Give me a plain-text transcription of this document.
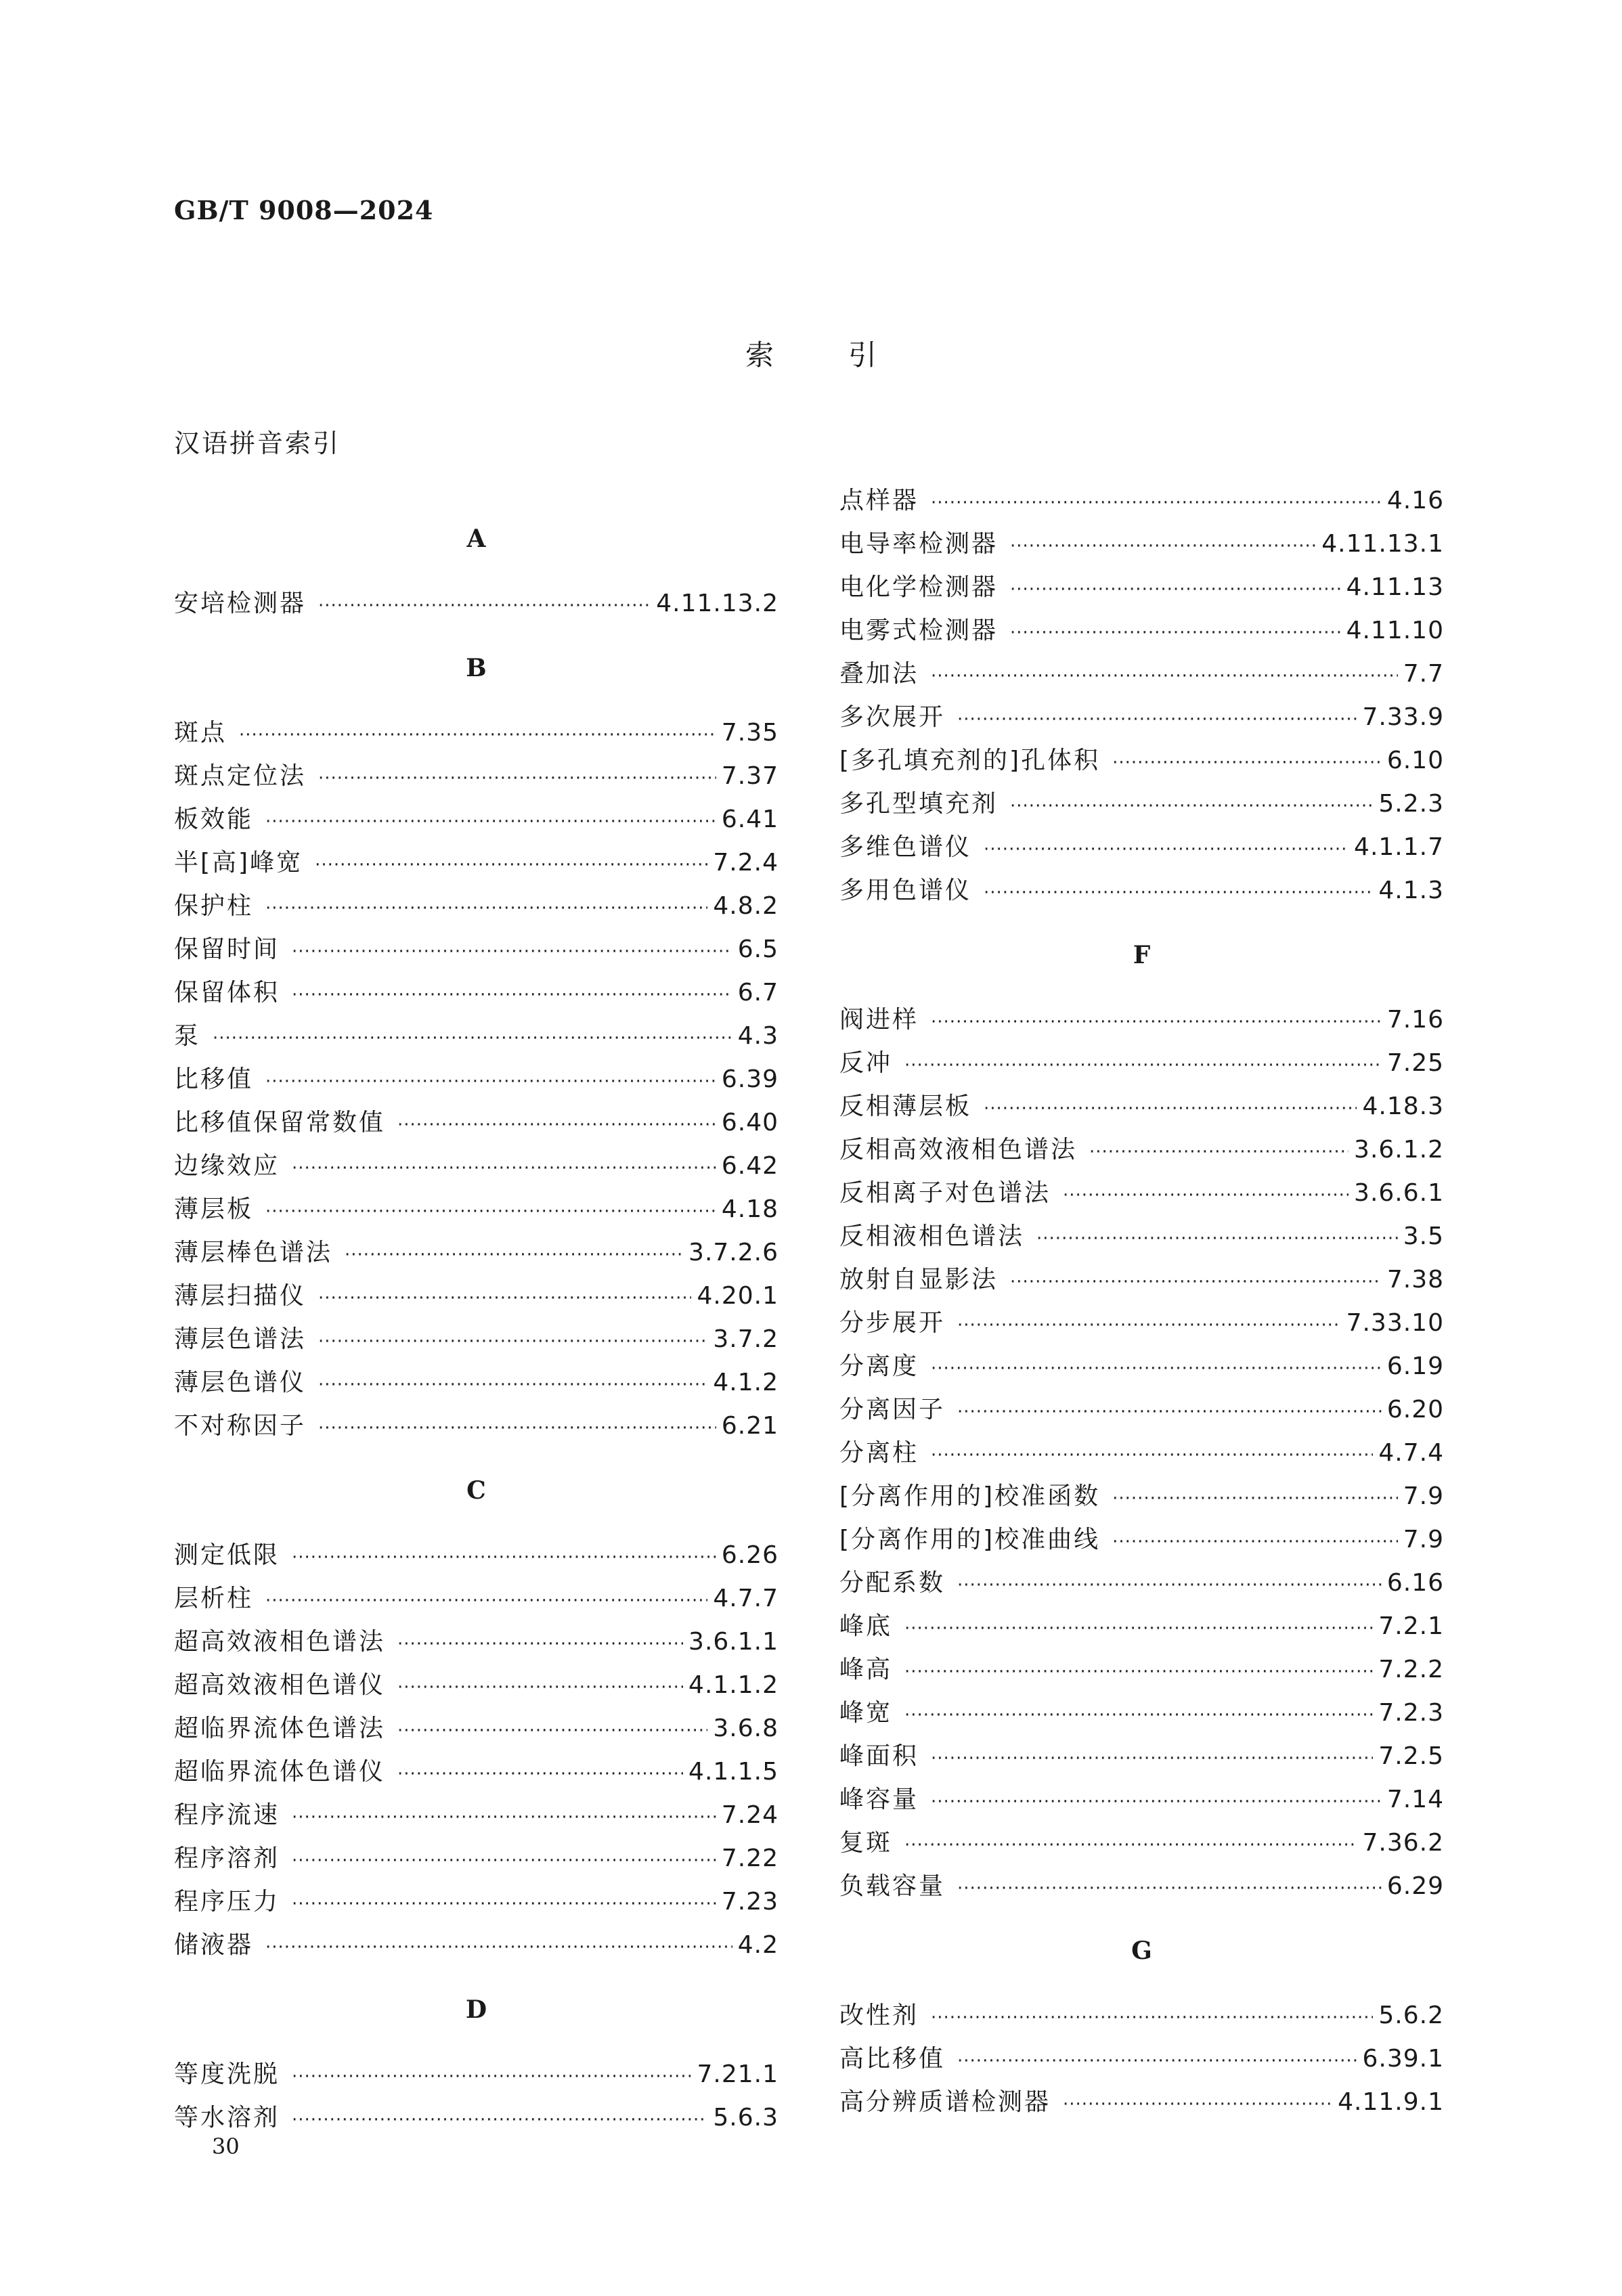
GB/T 9008—2024
索引
汉语拼音索引
A
安培检测器 ·····	4.11.13.2
B
斑点 ·····	7.35
斑点定位法 ·····	7.37
板效能 ·····	6.41
半[高]峰宽 ·····	7.2.4
保护柱 ·····	4.8.2
保留时间 ·····	6.5
保留体积 ·····	6.7
泵 ·····	4.3
比移值 ·····	6.39
比移值保留常数值 ·····	6.40
边缘效应 ·····	6.42
薄层板 ·····	4.18
薄层棒色谱法 ·····	3.7.2.6
薄层扫描仪 ·····	4.20.1
薄层色谱法 ·····	3.7.2
薄层色谱仪 ·····	4.1.2
不对称因子 ·····	6.21
C
测定低限 ·····	6.26
层析柱 ·····	4.7.7
超高效液相色谱法 ·····	3.6.1.1
超高效液相色谱仪 ·····	4.1.1.2
超临界流体色谱法 ·····	3.6.8
超临界流体色谱仪 ·····	4.1.1.5
程序流速 ·····	7.24
程序溶剂 ·····	7.22
程序压力 ·····	7.23
储液器 ·····	4.2
D
等度洗脱 ·····	7.21.1
等水溶剂 ·····	5.6.3
点样器 ·····	4.16
电导率检测器 ·····	4.11.13.1
电化学检测器 ·····	4.11.13
电雾式检测器 ·····	4.11.10
叠加法 ·····	7.7
多次展开 ·····	7.33.9
[多孔填充剂的]孔体积 ·····	6.10
多孔型填充剂 ·····	5.2.3
多维色谱仪 ·····	4.1.1.7
多用色谱仪 ·····	4.1.3
F
阀进样 ·····	7.16
反冲 ·····	7.25
反相薄层板 ·····	4.18.3
反相高效液相色谱法 ·····	3.6.1.2
反相离子对色谱法 ·····	3.6.6.1
反相液相色谱法 ·····	3.5
放射自显影法 ·····	7.38
分步展开 ·····	7.33.10
分离度 ·····	6.19
分离因子 ·····	6.20
分离柱 ·····	4.7.4
[分离作用的]校准函数 ·····	7.9
[分离作用的]校准曲线 ·····	7.9
分配系数 ·····	6.16
峰底 ·····	7.2.1
峰高 ·····	7.2.2
峰宽 ·····	7.2.3
峰面积 ·····	7.2.5
峰容量 ·····	7.14
复斑 ·····	7.36.2
负载容量 ·····	6.29
G
改性剂 ·····	5.6.2
高比移值 ·····	6.39.1
高分辨质谱检测器 ·····	4.11.9.1
30
